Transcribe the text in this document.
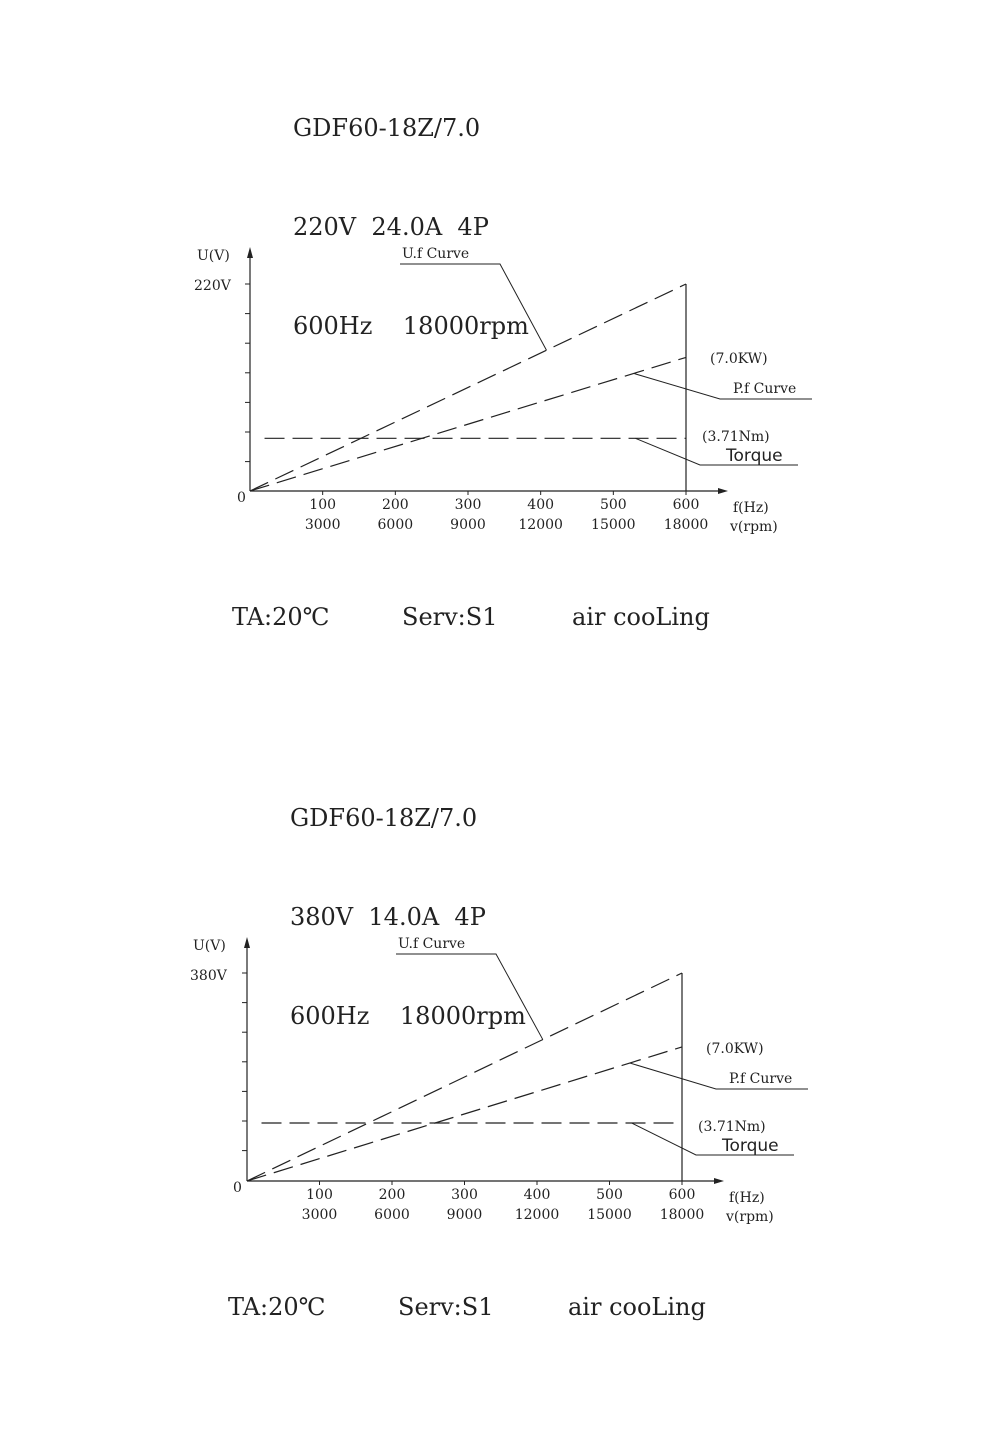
GDF60-18Z/7.0

220V  24.0A  4P

600Hz    18000rpm

100
3000
200
6000
300
9000
400
12000
500
15000
600
18000
U(V)
220V
0
f(Hz)
v(rpm)
U.f Curve
P.f Curve
(7.0KW)
Torque
(3.71Nm)

TA:20℃

	Serv:S1

	air cooLing

GDF60-18Z/7.0

380V  14.0A  4P

600Hz    18000rpm

100
3000
200
6000
300
9000
400
12000
500
15000
600
18000
U(V)
380V
0
f(Hz)
v(rpm)
U.f Curve
P.f Curve
(7.0KW)
Torque
(3.71Nm)

TA:20℃

	Serv:S1

	air cooLing
